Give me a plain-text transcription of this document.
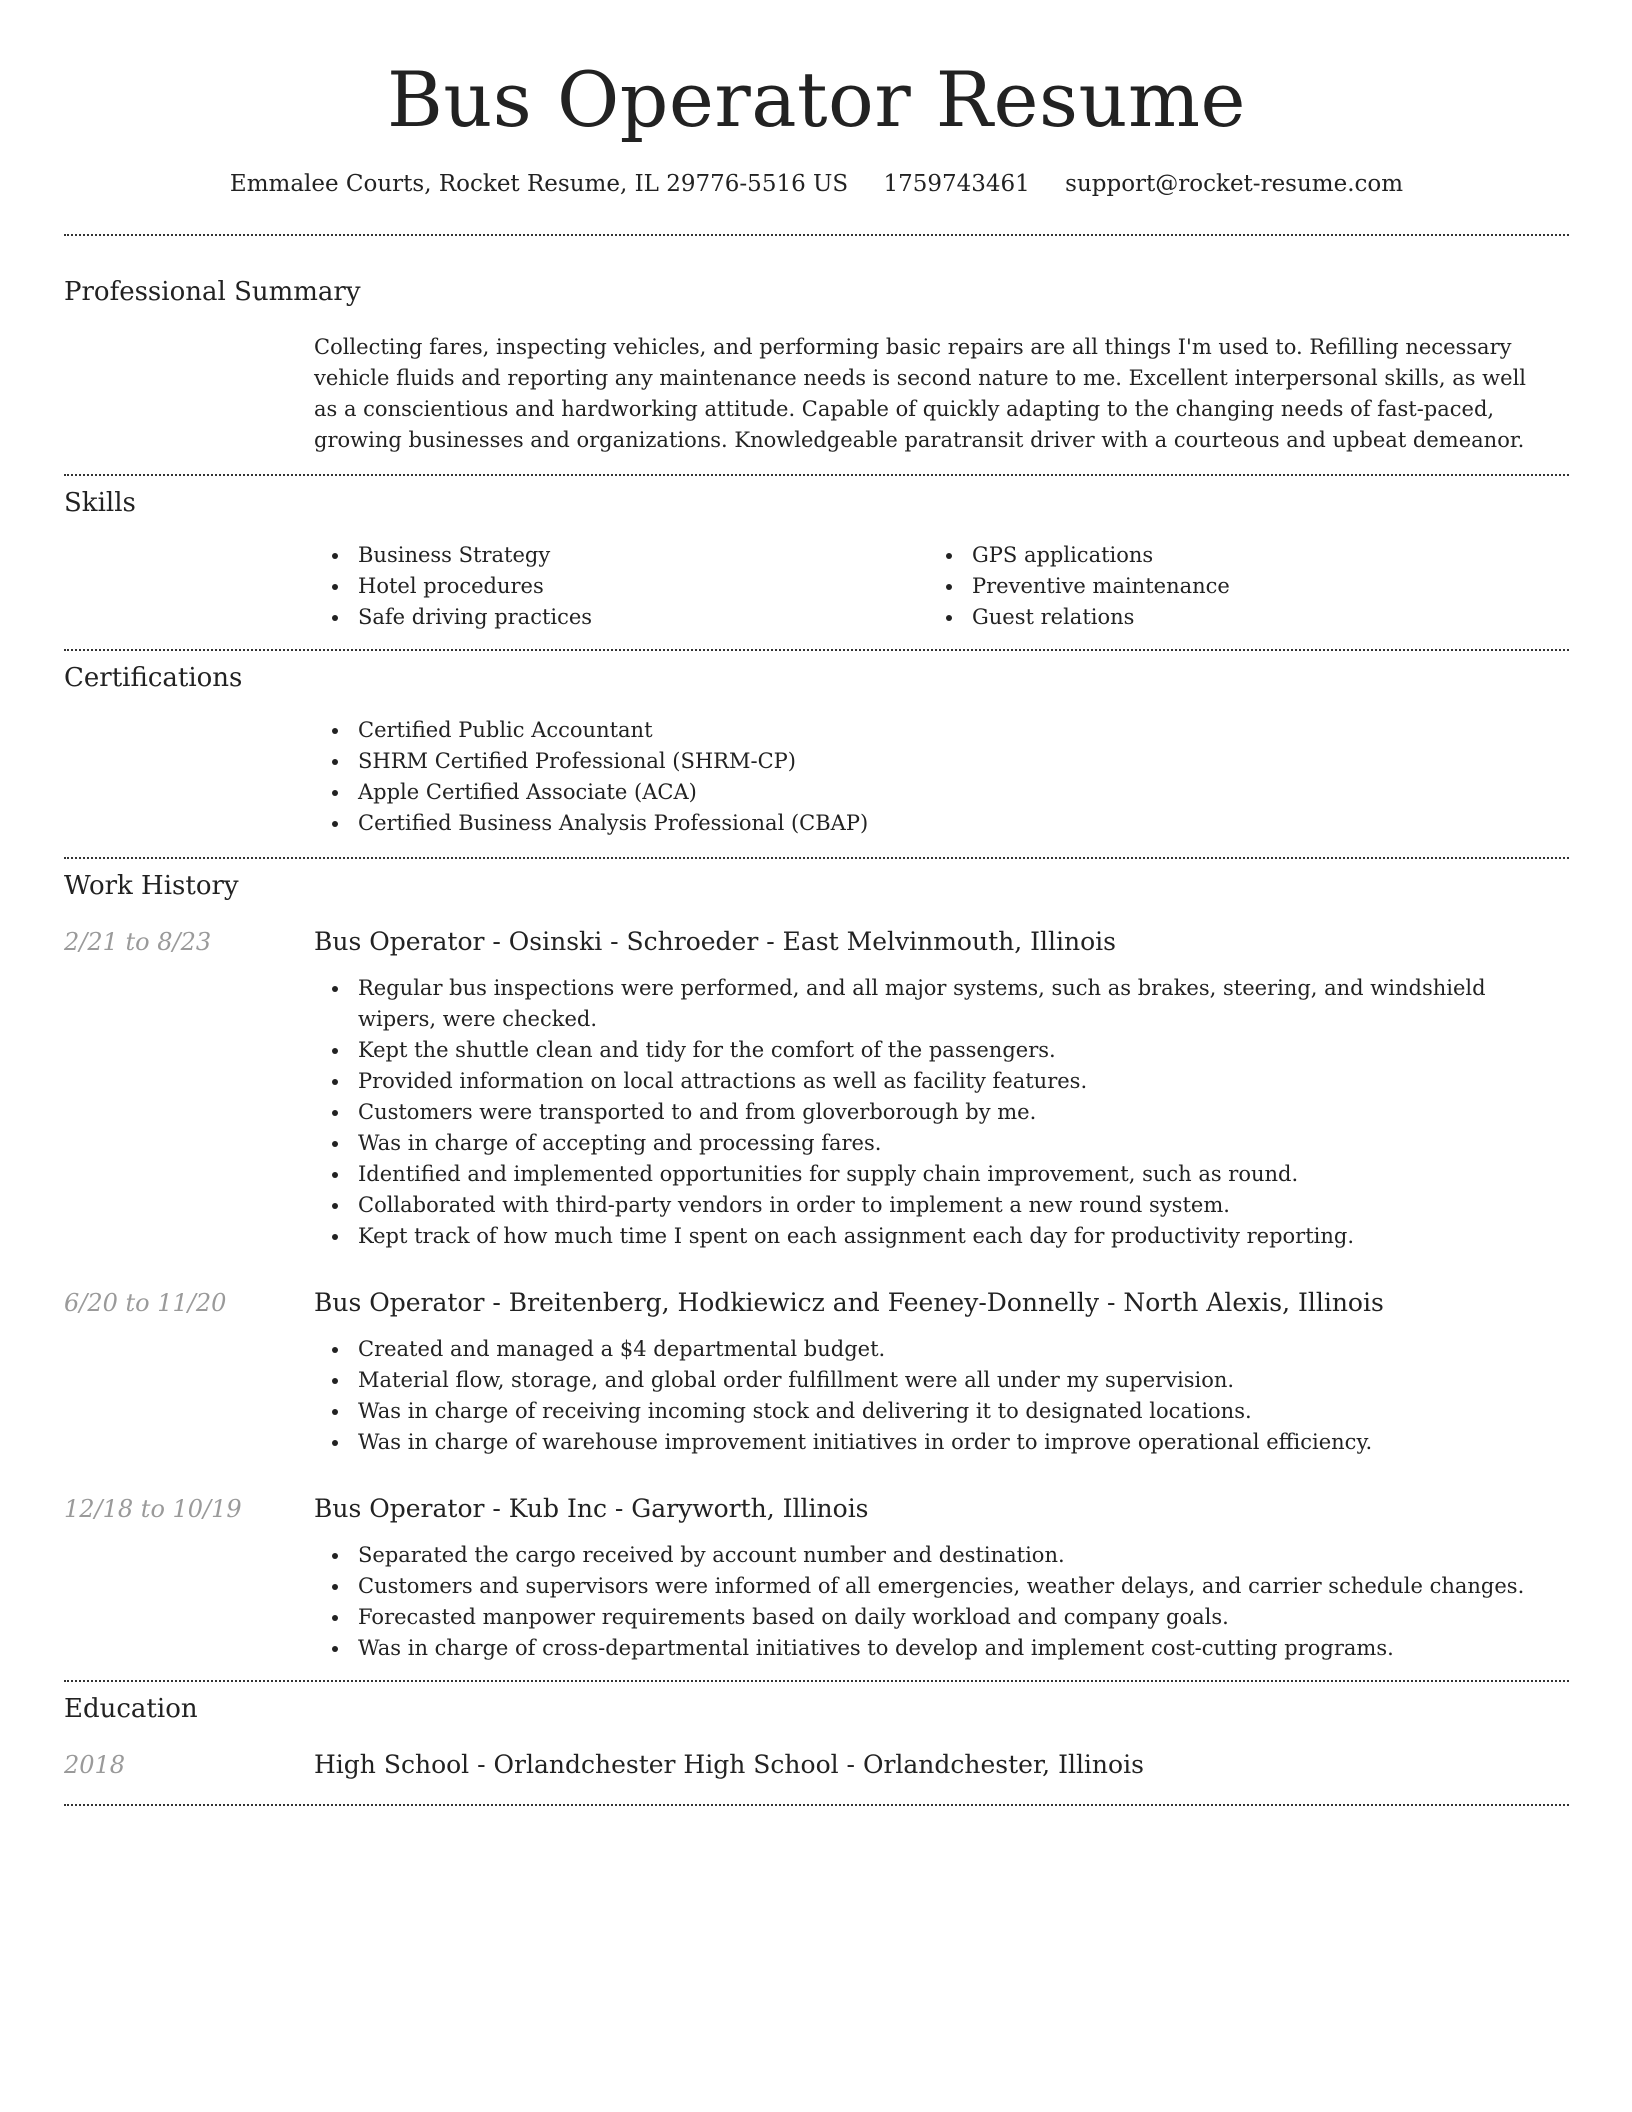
Bus Operator Resume
Emmalee Courts, Rocket Resume, IL 29776-5516 US 1759743461 support@rocket-resume.com
Professional Summary

Collecting fares, inspecting vehicles, and performing basic repairs are all things I'm used to. Refilling necessary vehicle fluids and reporting any maintenance needs is second nature to me. Excellent interpersonal skills, as well as a conscientious and hardworking attitude. Capable of quickly adapting to the changing needs of fast-paced, growing businesses and organizations. Knowledgeable paratransit driver with a courteous and upbeat demeanor.

Skills
Business Strategy
Hotel procedures
Safe driving practices
GPS applications
Preventive maintenance
Guest relations
Certifications
Certified Public Accountant
SHRM Certified Professional (SHRM-CP)
Apple Certified Associate (ACA)
Certified Business Analysis Professional (CBAP)
Work History
2/21 to 8/23	Bus Operator - Osinski - Schroeder - East Melvinmouth, Illinois
Regular bus inspections were performed, and all major systems, such as brakes, steering, and windshield wipers, were checked.
Kept the shuttle clean and tidy for the comfort of the passengers.
Provided information on local attractions as well as facility features.
Customers were transported to and from gloverborough by me.
Was in charge of accepting and processing fares.
Identified and implemented opportunities for supply chain improvement, such as round.
Collaborated with third-party vendors in order to implement a new round system.
Kept track of how much time I spent on each assignment each day for productivity reporting.
6/20 to 11/20	Bus Operator - Breitenberg, Hodkiewicz and Feeney-Donnelly - North Alexis, Illinois
Created and managed a $4 departmental budget.
Material flow, storage, and global order fulfillment were all under my supervision.
Was in charge of receiving incoming stock and delivering it to designated locations.
Was in charge of warehouse improvement initiatives in order to improve operational efficiency.
12/18 to 10/19	Bus Operator - Kub Inc - Garyworth, Illinois
Separated the cargo received by account number and destination.
Customers and supervisors were informed of all emergencies, weather delays, and carrier schedule changes.
Forecasted manpower requirements based on daily workload and company goals.
Was in charge of cross-departmental initiatives to develop and implement cost-cutting programs.
Education
2018	High School - Orlandchester High School - Orlandchester, Illinois
